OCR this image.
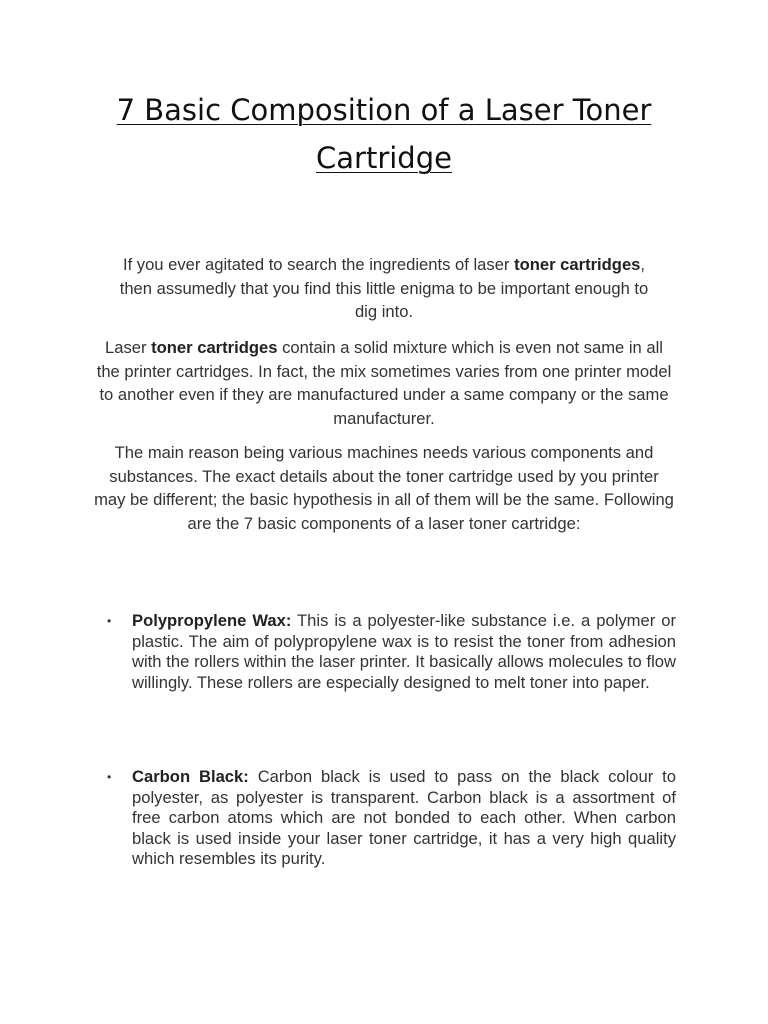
7 Basic Composition of a Laser Toner Cartridge

If you ever agitated to search the ingredients of laser toner cartridges, then assumedly that you find this little enigma to be important enough to dig into.

Laser toner cartridges contain a solid mixture which is even not same in all the printer cartridges. In fact, the mix sometimes varies from one printer model to another even if they are manufactured under a same company or the same manufacturer.

The main reason being various machines needs various components and substances. The exact details about the toner cartridge used by you printer may be different; the basic hypothesis in all of them will be the same. Following are the 7 basic components of a laser toner cartridge:

• Polypropylene Wax: This is a polyester-like substance i.e. a polymer or plastic. The aim of polypropylene wax is to resist the toner from adhesion with the rollers within the laser printer. It basically allows molecules to flow willingly. These rollers are especially designed to melt toner into paper.
• Carbon Black: Carbon black is used to pass on the black colour to polyester, as polyester is transparent. Carbon black is a assortment of free carbon atoms which are not bonded to each other. When carbon black is used inside your laser toner cartridge, it has a very high quality which resembles its purity.
